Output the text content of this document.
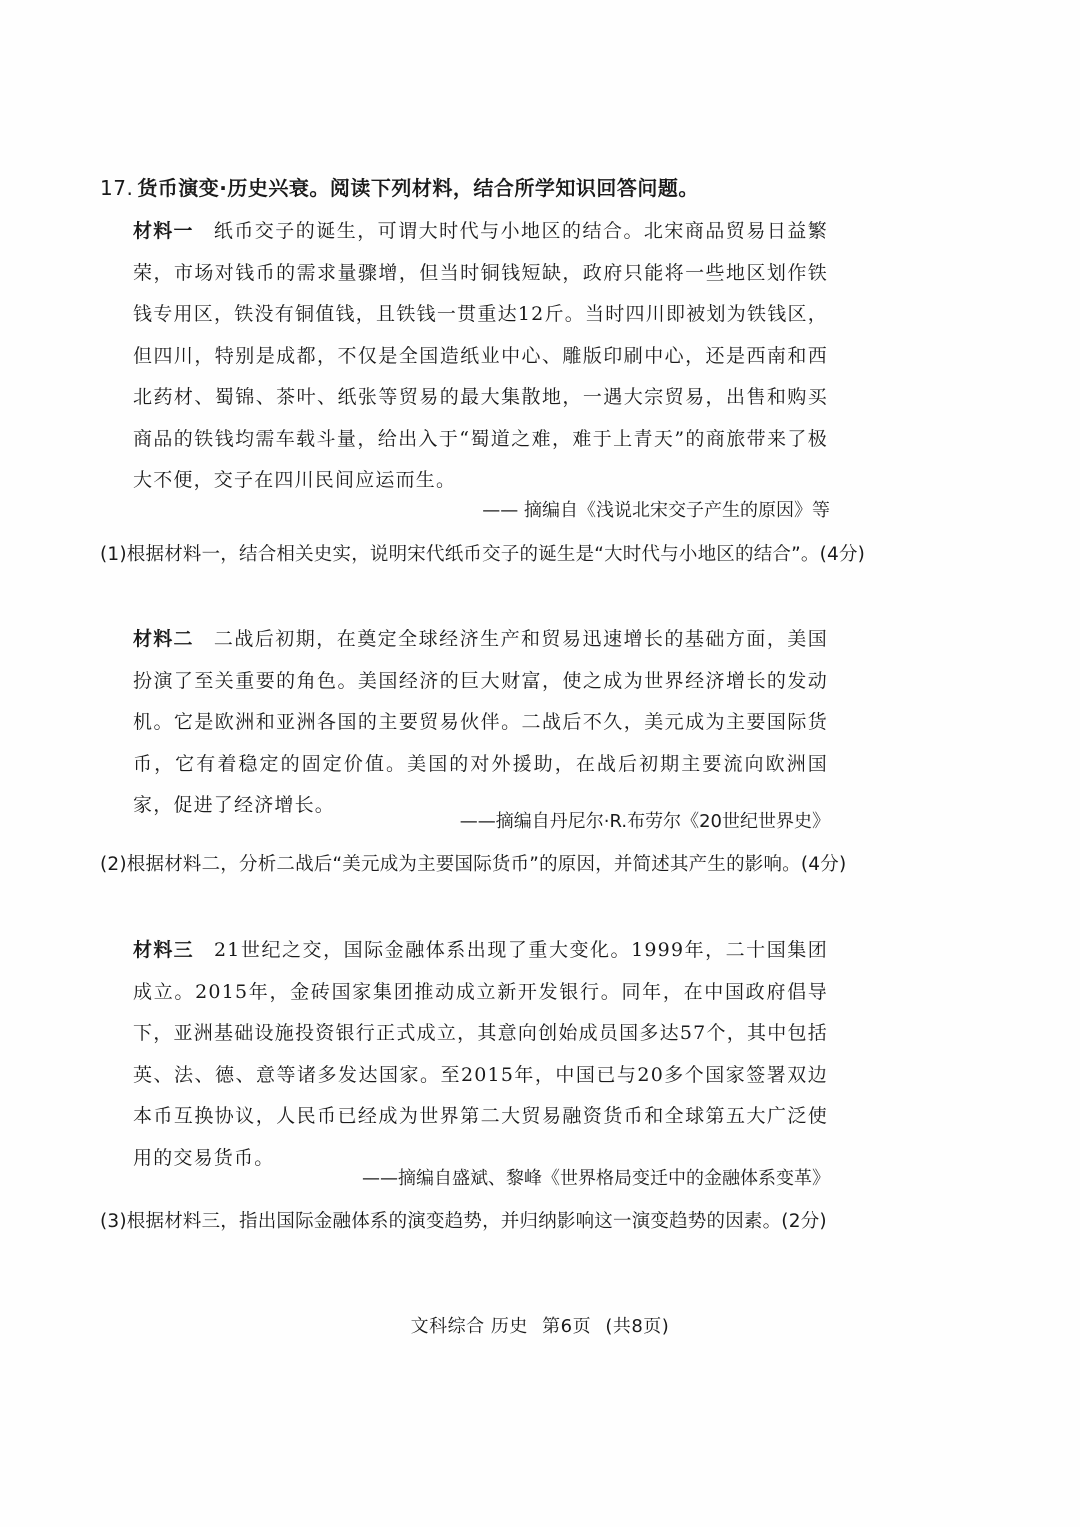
17. 货币演变·历史兴衰。阅读下列材料，结合所学知识回答问题。
材料一 纸币交子的诞生，可谓大时代与小地区的结合。北宋商品贸易日益繁荣，市场对钱币的需求量骤增，但当时铜钱短缺，政府只能将一些地区划作铁钱专用区，铁没有铜值钱，且铁钱一贯重达12斤。当时四川即被划为铁钱区，但四川，特别是成都，不仅是全国造纸业中心、雕版印刷中心，还是西南和西北药材、蜀锦、茶叶、纸张等贸易的最大集散地，一遇大宗贸易，出售和购买商品的铁钱均需车载斗量，给出入于“蜀道之难，难于上青天”的商旅带来了极大不便，交子在四川民间应运而生。
—— 摘编自《浅说北宋交子产生的原因》等
(1)根据材料一，结合相关史实，说明宋代纸币交子的诞生是“大时代与小地区的结合”。(4分)
材料二 二战后初期，在奠定全球经济生产和贸易迅速增长的基础方面，美国扮演了至关重要的角色。美国经济的巨大财富，使之成为世界经济增长的发动机。它是欧洲和亚洲各国的主要贸易伙伴。二战后不久，美元成为主要国际货币，它有着稳定的固定价值。美国的对外援助，在战后初期主要流向欧洲国家，促进了经济增长。
——摘编自丹尼尔·R.布劳尔《20世纪世界史》
(2)根据材料二，分析二战后“美元成为主要国际货币”的原因，并简述其产生的影响。(4分)
材料三 21世纪之交，国际金融体系出现了重大变化。1999年，二十国集团成立。2015年，金砖国家集团推动成立新开发银行。同年，在中国政府倡导下，亚洲基础设施投资银行正式成立，其意向创始成员国多达57个，其中包括英、法、德、意等诸多发达国家。至2015年，中国已与20多个国家签署双边本币互换协议，人民币已经成为世界第二大贸易融资货币和全球第五大广泛使用的交易货币。
——摘编自盛斌、黎峰《世界格局变迁中的金融体系变革》
(3)根据材料三，指出国际金融体系的演变趋势，并归纳影响这一演变趋势的因素。(2分)
文科综合 历史 第6页 (共8页)
